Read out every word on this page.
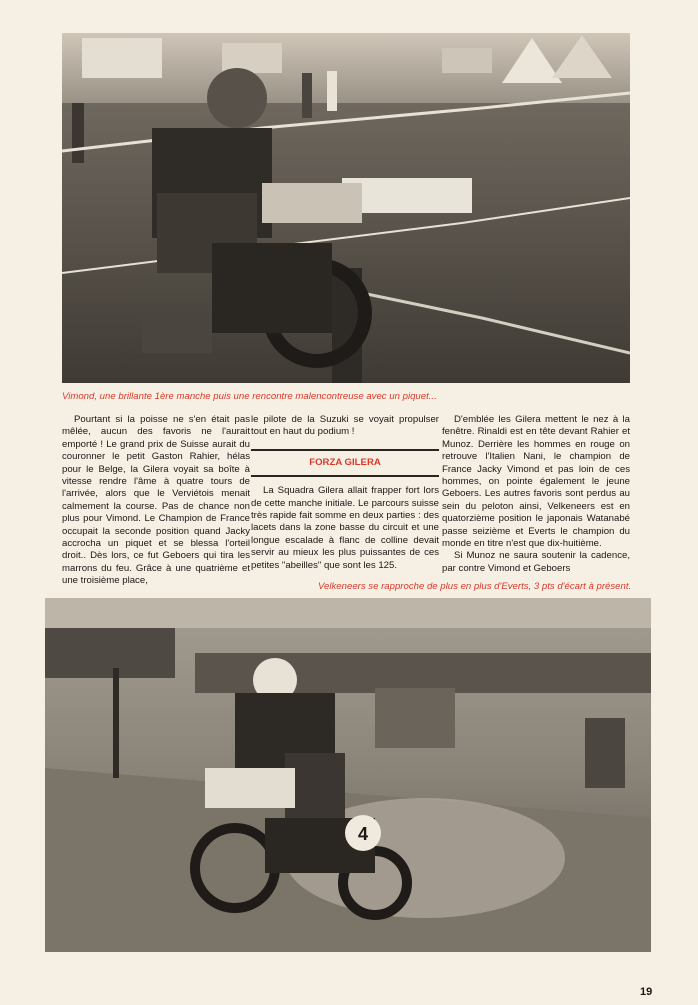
Vimond, une brillante 1ère manche puis une rencontre malencontreuse avec un piquet...

Pourtant si la poisse ne s'en était pas mêlée, aucun des favoris ne l'aurait emporté ! Le grand prix de Suisse aurait du couronner le petit Gaston Rahier, hélas pour le Belge, la Gilera voyait sa boîte à vitesse rendre l'âme à quatre tours de l'arrivée, alors que le Verviétois menait calmement la course. Pas de chance non plus pour Vimond. Le Champion de France occupait la seconde position quand Jacky accrocha un piquet et se blessa l'orteil droit.. Dès lors, ce fut Geboers qui tira les marrons du feu. Grâce à une quatrième et une troisième place,

le pilote de la Suzuki se voyait propulser tout en haut du podium !

FORZA GILERA

La Squadra Gilera allait frapper fort lors de cette manche initiale. Le parcours suisse très rapide fait somme en deux parties : des lacets dans la zone basse du circuit et une longue escalade à flanc de colline devait servir au mieux les plus puissantes de ces petites "abeilles" que sont les 125.

D'emblée les Gilera mettent le nez à la fenêtre. Rinaldi est en tête devant Rahier et Munoz. Derrière les hommes en rouge on retrouve l'Italien Nani, le champion de France Jacky Vimond et pas loin de ces hommes, on pointe également le jeune Geboers. Les autres favoris sont perdus au sein du peloton ainsi, Velkeneers est en quatorzième position le japonais Watanabé passe seizième et Everts le champion du monde en titre n'est que dix-huitième.

Si Munoz ne saura soutenir la cadence, par contre Vimond et Geboers

Velkeneers se rapproche de plus en plus d'Everts, 3 pts d'écart à présent.
4
19
